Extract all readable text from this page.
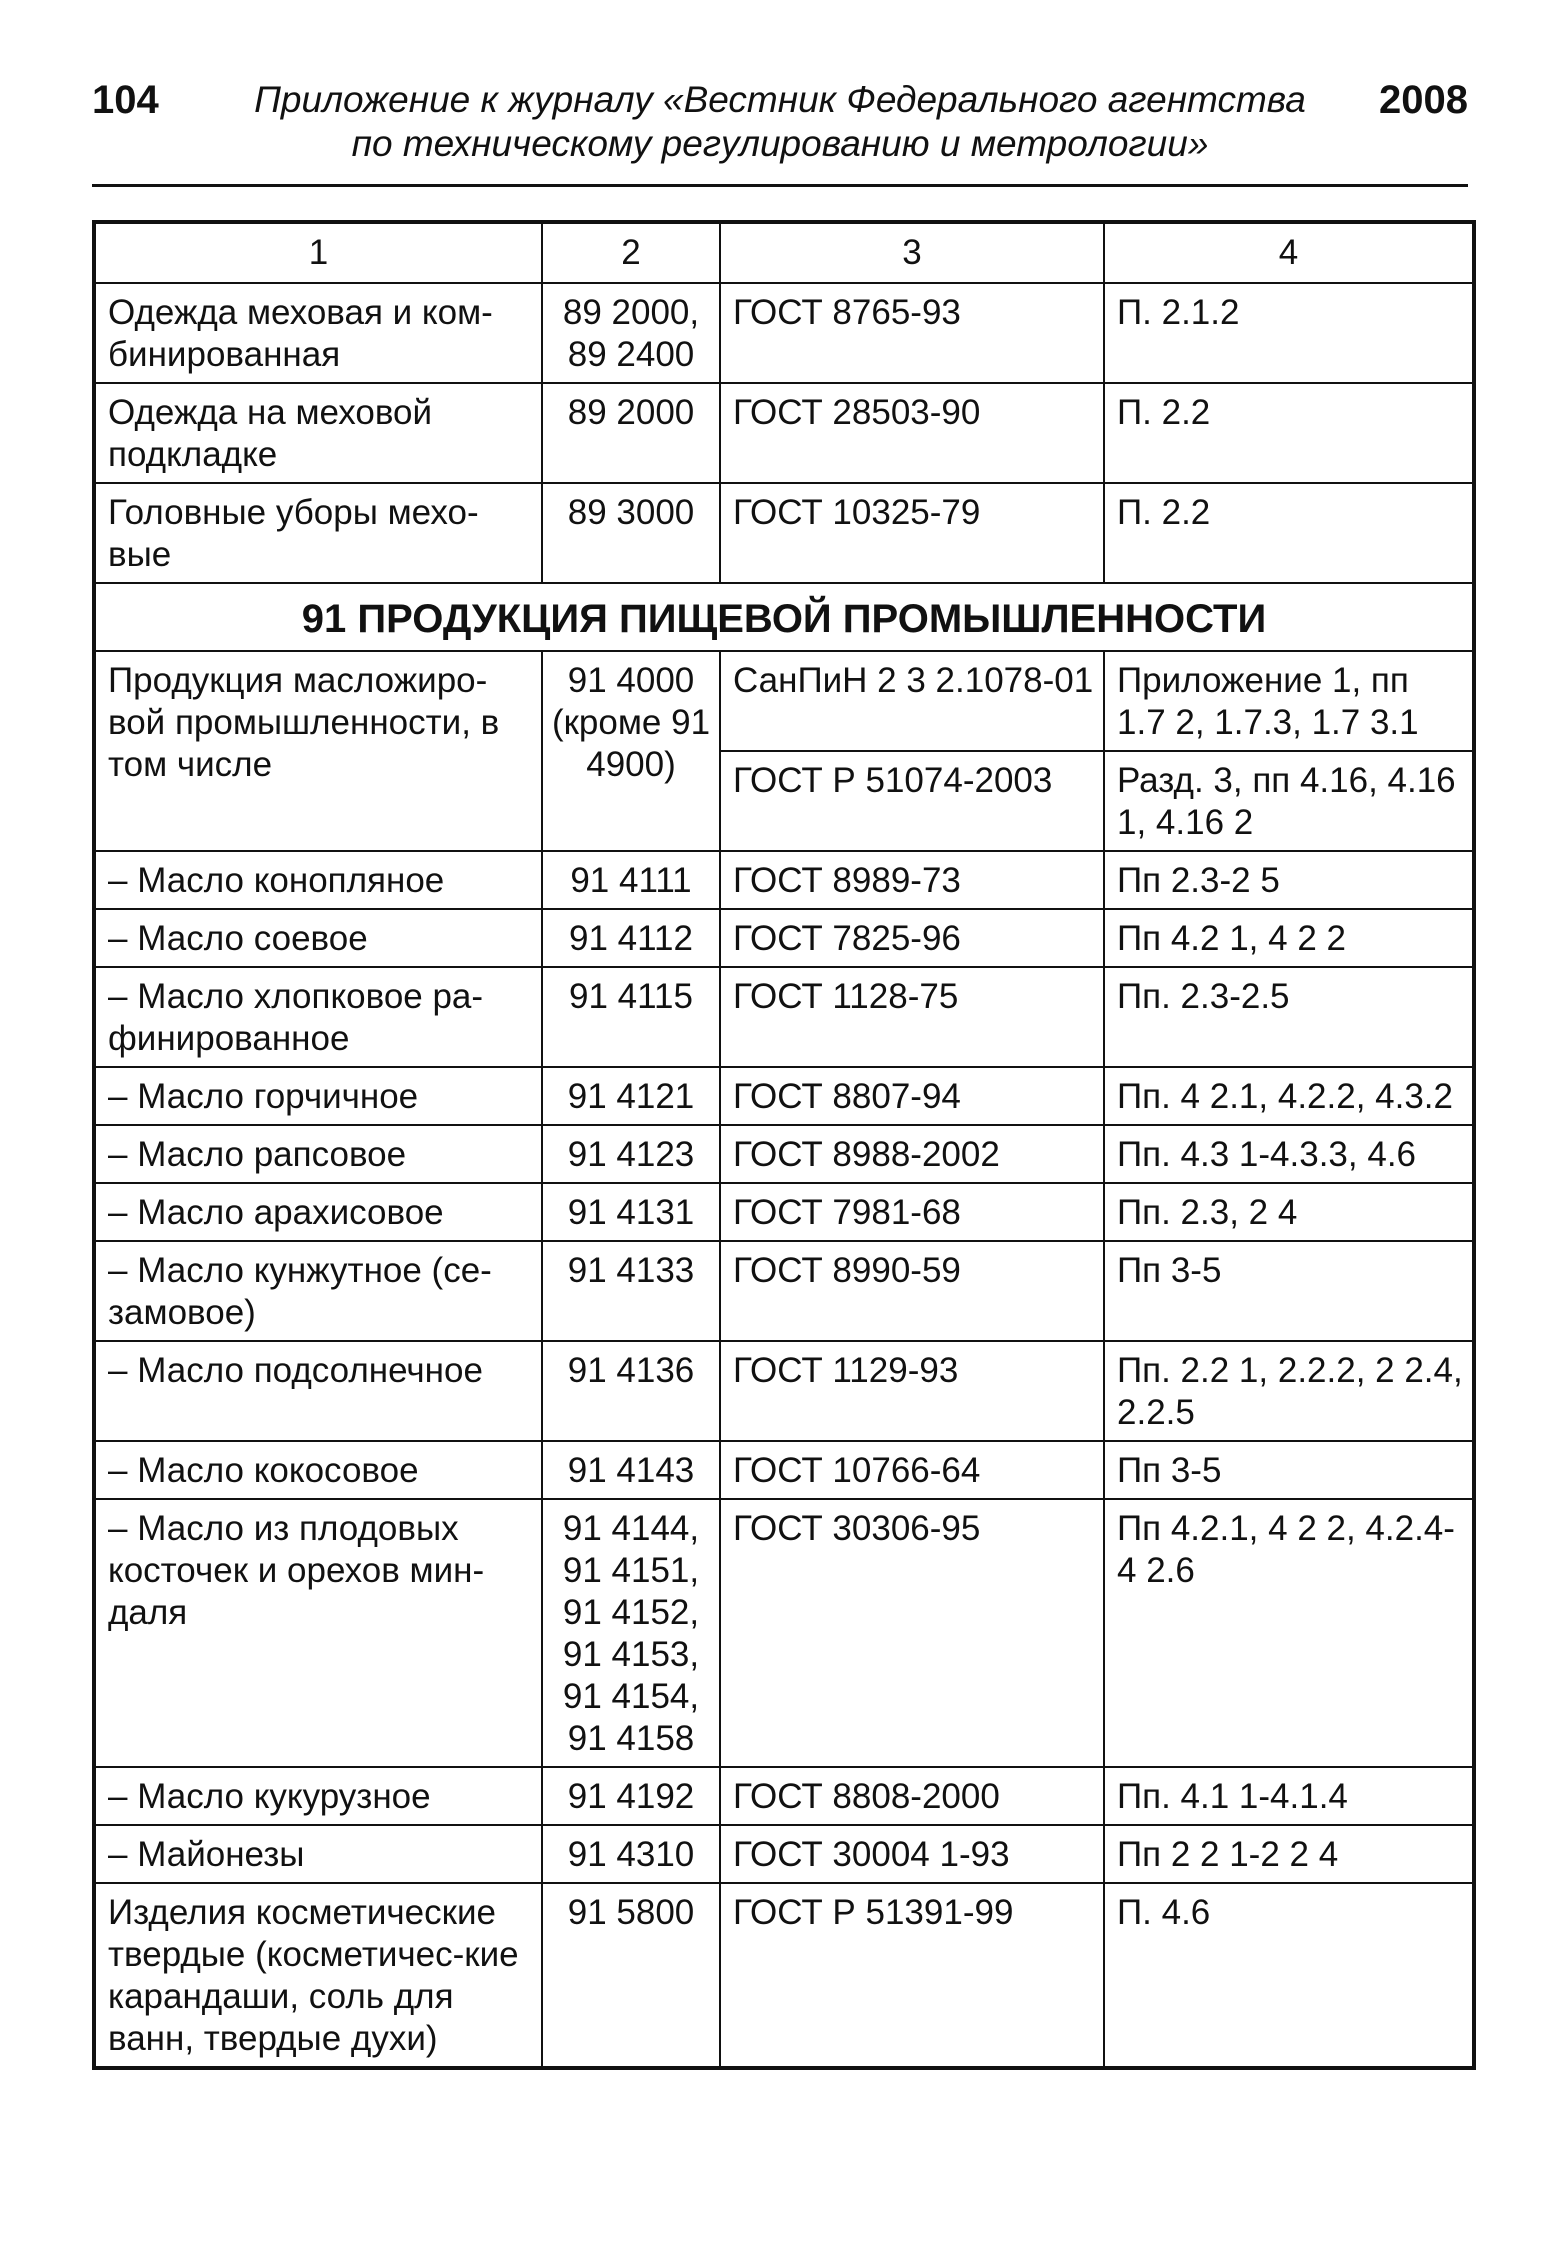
104	Приложение к журналу «Вестник Федерального агентства
по техническому регулированию и метрологии»
2008
1	2	3	4
Одежда меховая и ком-бинированная	89 2000, 89 2400	ГОСТ 8765-93	П. 2.1.2
Одежда на меховой подкладке	89 2000	ГОСТ 28503-90	П. 2.2
Головные уборы мехо-вые	89 3000	ГОСТ 10325-79	П. 2.2
91 ПРОДУКЦИЯ ПИЩЕВОЙ ПРОМЫШЛЕННОСТИ			
Продукция масложиро-вой промышленности, в том числе	91 4000 (кроме 91 4900)	СанПиН 2 3 2.1078-01	Приложение 1, пп 1.7 2, 1.7.3, 1.7 3.1
		ГОСТ Р 51074-2003	Разд. 3, пп 4.16, 4.16 1, 4.16 2
– Масло конопляное	91 4111	ГОСТ 8989-73	Пп 2.3-2 5
– Масло соевое	91 4112	ГОСТ 7825-96	Пп 4.2 1, 4 2 2
– Масло хлопковое ра-финированное	91 4115	ГОСТ 1128-75	Пп. 2.3-2.5
– Масло горчичное	91 4121	ГОСТ 8807-94	Пп. 4 2.1, 4.2.2, 4.3.2
– Масло рапсовое	91 4123	ГОСТ 8988-2002	Пп. 4.3 1-4.3.3, 4.6
– Масло арахисовое	91 4131	ГОСТ 7981-68	Пп. 2.3, 2 4
– Масло кунжутное (се-замовое)	91 4133	ГОСТ 8990-59	Пп 3-5
– Масло подсолнечное	91 4136	ГОСТ 1129-93	Пп. 2.2 1, 2.2.2, 2 2.4, 2.2.5
– Масло кокосовое	91 4143	ГОСТ 10766-64	Пп 3-5
– Масло из плодовых косточек и орехов мин-даля	91 4144, 91 4151, 91 4152, 91 4153, 91 4154, 91 4158	ГОСТ 30306-95	Пп 4.2.1, 4 2 2, 4.2.4-4 2.6
– Масло кукурузное	91 4192	ГОСТ 8808-2000	Пп. 4.1 1-4.1.4
– Майонезы	91 4310	ГОСТ 30004 1-93	Пп 2 2 1-2 2 4
Изделия косметические твердые (косметичес-кие карандаши, соль для ванн, твердые духи)	91 5800	ГОСТ Р 51391-99	П. 4.6
